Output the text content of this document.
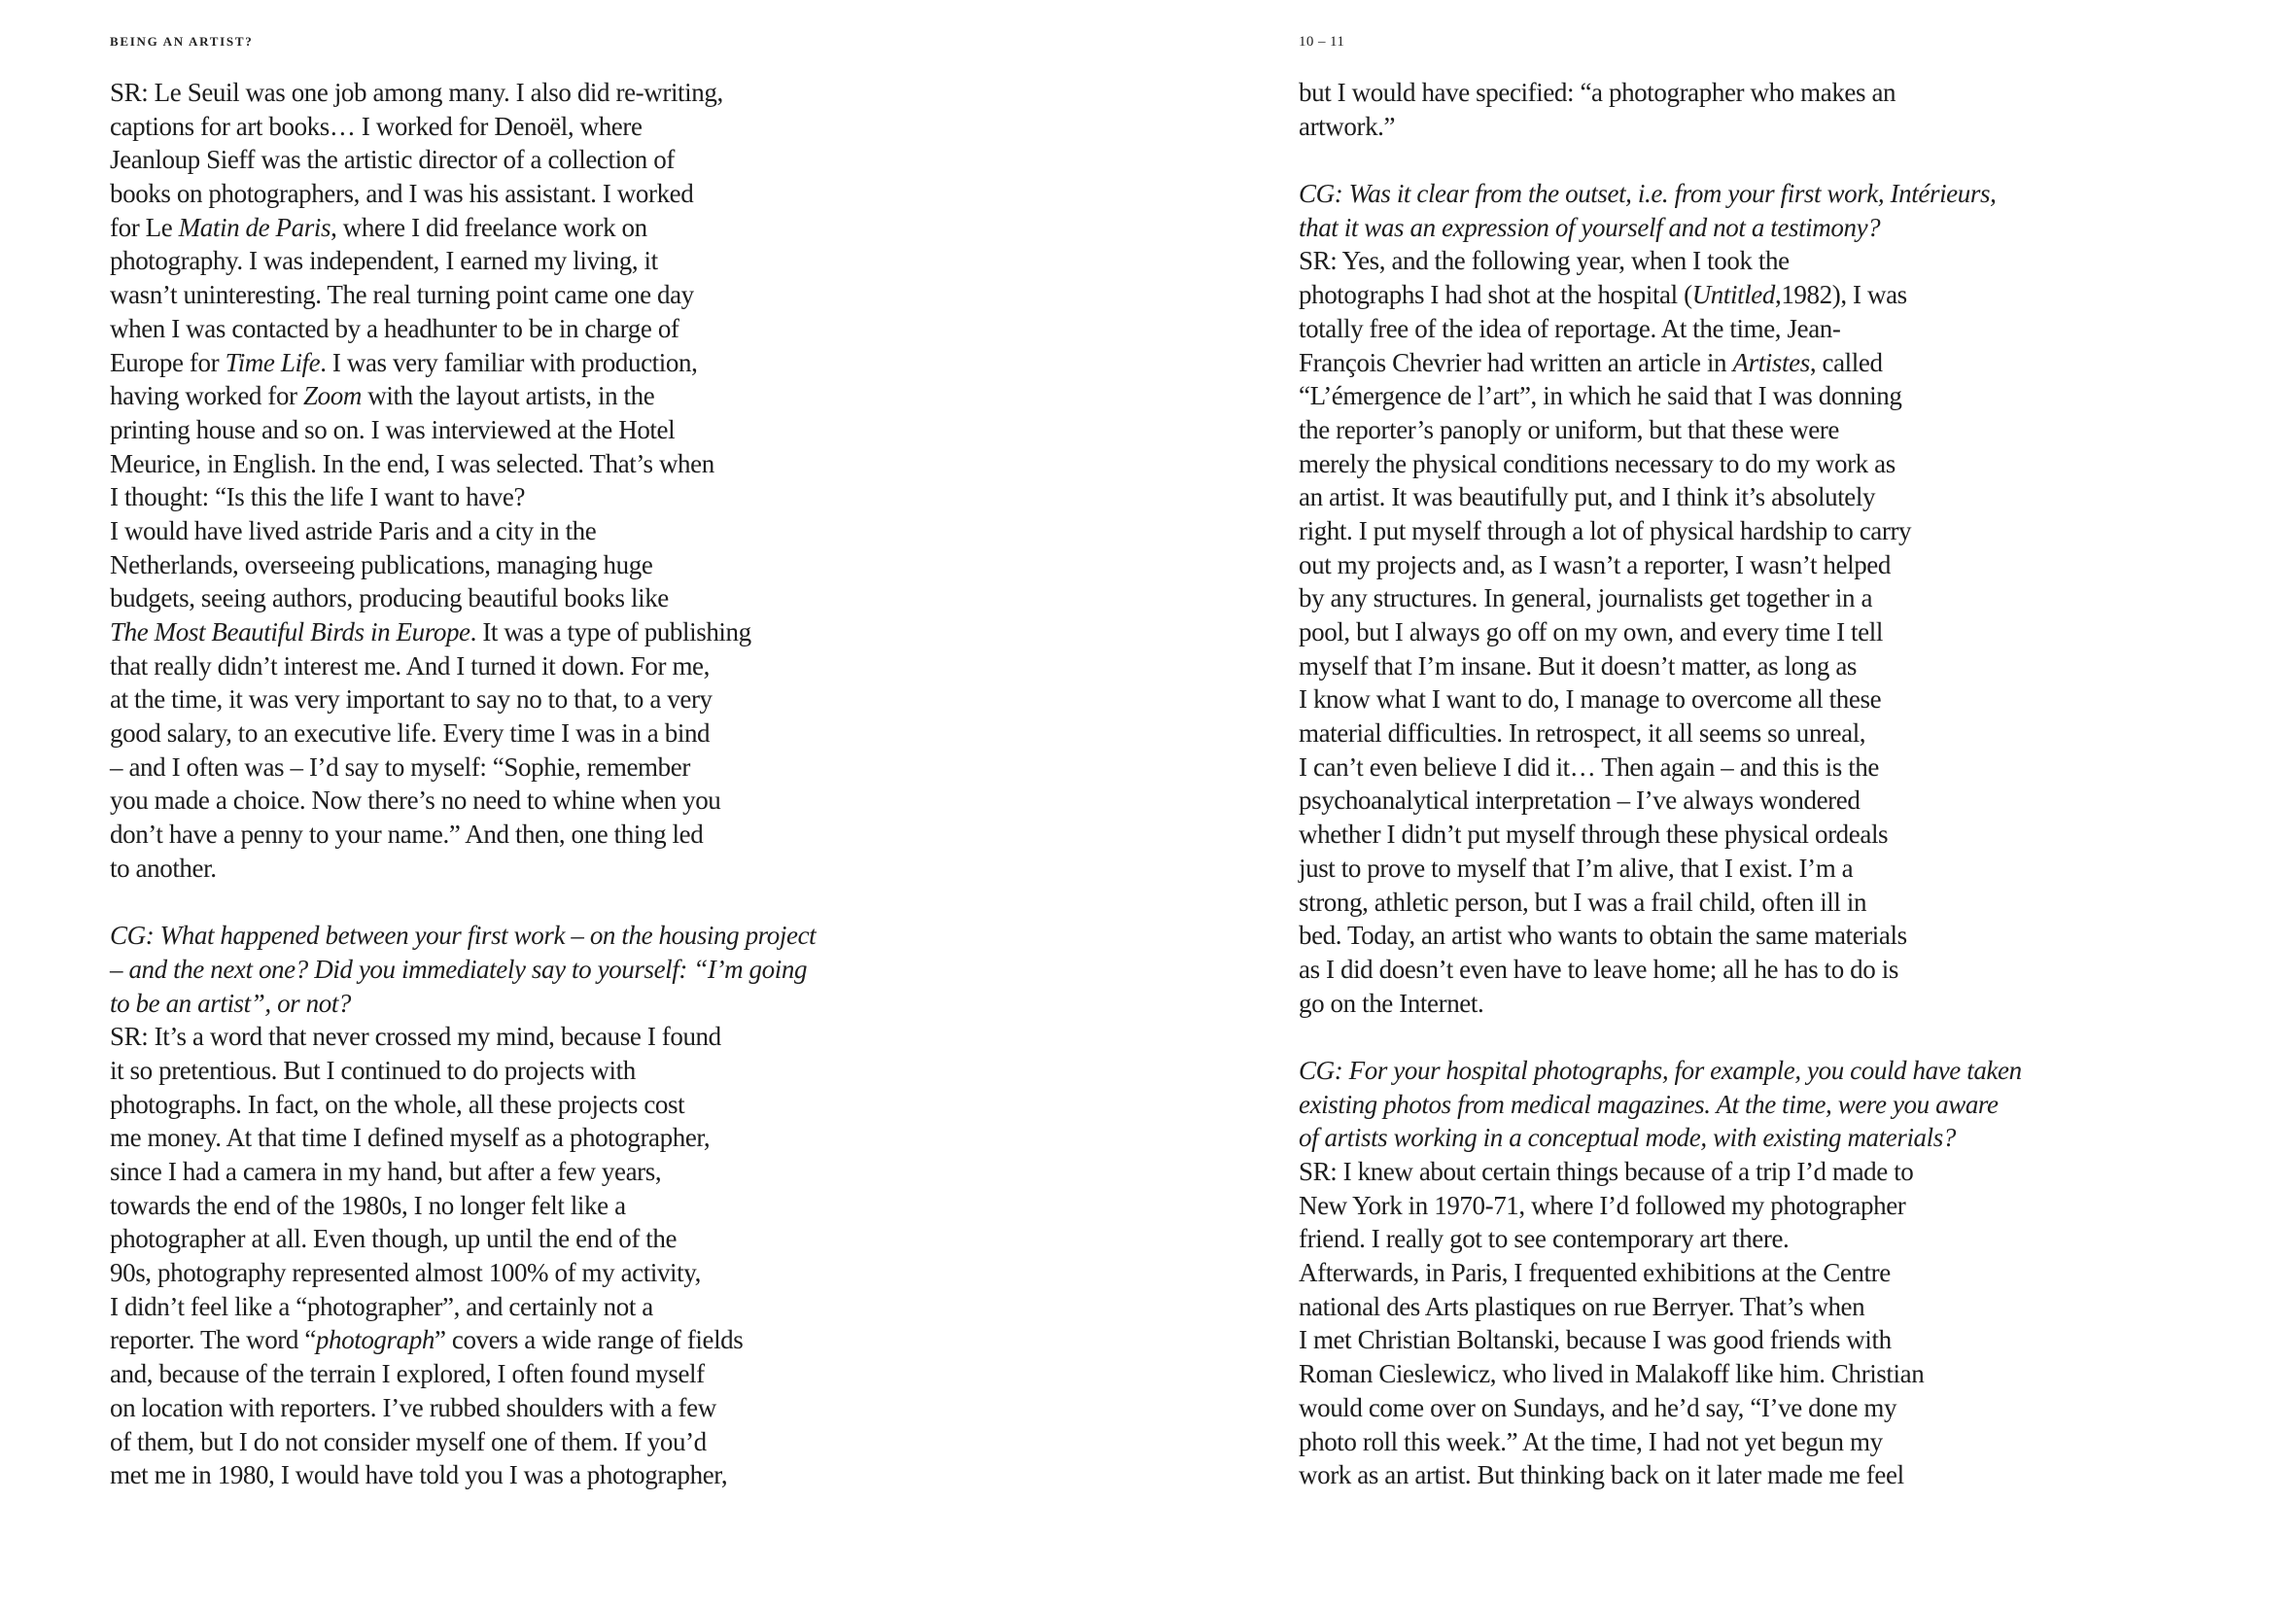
BEING AN ARTIST?
SR: Le Seuil was one job among many. I also did re-writing,
captions for art books… I worked for Denoël, where
Jeanloup Sieff was the artistic director of a collection of
books on photographers, and I was his assistant. I worked
for Le Matin de Paris, where I did freelance work on
photography. I was independent, I earned my living, it
wasn’t uninteresting. The real turning point came one day
when I was contacted by a headhunter to be in charge of
Europe for Time Life. I was very familiar with production,
having worked for Zoom with the layout artists, in the
printing house and so on. I was interviewed at the Hotel
Meurice, in English. In the end, I was selected. That’s when
I thought: “Is this the life I want to have?
I would have lived astride Paris and a city in the
Netherlands, overseeing publications, managing huge
budgets, seeing authors, producing beautiful books like
The Most Beautiful Birds in Europe. It was a type of publishing
that really didn’t interest me. And I turned it down. For me,
at the time, it was very important to say no to that, to a very
good salary, to an executive life. Every time I was in a bind
– and I often was – I’d say to myself: “Sophie, remember
you made a choice. Now there’s no need to whine when you
don’t have a penny to your name.” And then, one thing led
to another.
CG: What happened between your first work – on the housing project
– and the next one? Did you immediately say to yourself: “I’m going
to be an artist”, or not?
SR: It’s a word that never crossed my mind, because I found
it so pretentious. But I continued to do projects with
photographs. In fact, on the whole, all these projects cost
me money. At that time I defined myself as a photographer,
since I had a camera in my hand, but after a few years,
towards the end of the 1980s, I no longer felt like a
photographer at all. Even though, up until the end of the
90s, photography represented almost 100% of my activity,
I didn’t feel like a “photographer”, and certainly not a
reporter. The word “photograph” covers a wide range of fields
and, because of the terrain I explored, I often found myself
on location with reporters. I’ve rubbed shoulders with a few
of them, but I do not consider myself one of them. If you’d
met me in 1980, I would have told you I was a photographer,
10 – 11
but I would have specified: “a photographer who makes an
artwork.”
CG: Was it clear from the outset, i.e. from your first work, Intérieurs,
that it was an expression of yourself and not a testimony?
SR: Yes, and the following year, when I took the
photographs I had shot at the hospital (Untitled,1982), I was
totally free of the idea of reportage. At the time, Jean-
François Chevrier had written an article in Artistes, called
“L’émergence de l’art”, in which he said that I was donning
the reporter’s panoply or uniform, but that these were
merely the physical conditions necessary to do my work as
an artist. It was beautifully put, and I think it’s absolutely
right. I put myself through a lot of physical hardship to carry
out my projects and, as I wasn’t a reporter, I wasn’t helped
by any structures. In general, journalists get together in a
pool, but I always go off on my own, and every time I tell
myself that I’m insane. But it doesn’t matter, as long as
I know what I want to do, I manage to overcome all these
material difficulties. In retrospect, it all seems so unreal,
I can’t even believe I did it… Then again – and this is the
psychoanalytical interpretation – I’ve always wondered
whether I didn’t put myself through these physical ordeals
just to prove to myself that I’m alive, that I exist. I’m a
strong, athletic person, but I was a frail child, often ill in
bed. Today, an artist who wants to obtain the same materials
as I did doesn’t even have to leave home; all he has to do is
go on the Internet.
CG: For your hospital photographs, for example, you could have taken
existing photos from medical magazines. At the time, were you aware
of artists working in a conceptual mode, with existing materials?
SR: I knew about certain things because of a trip I’d made to
New York in 1970-71, where I’d followed my photographer
friend. I really got to see contemporary art there.
Afterwards, in Paris, I frequented exhibitions at the Centre
national des Arts plastiques on rue Berryer. That’s when
I met Christian Boltanski, because I was good friends with
Roman Cieslewicz, who lived in Malakoff like him. Christian
would come over on Sundays, and he’d say, “I’ve done my
photo roll this week.” At the time, I had not yet begun my
work as an artist. But thinking back on it later made me feel
